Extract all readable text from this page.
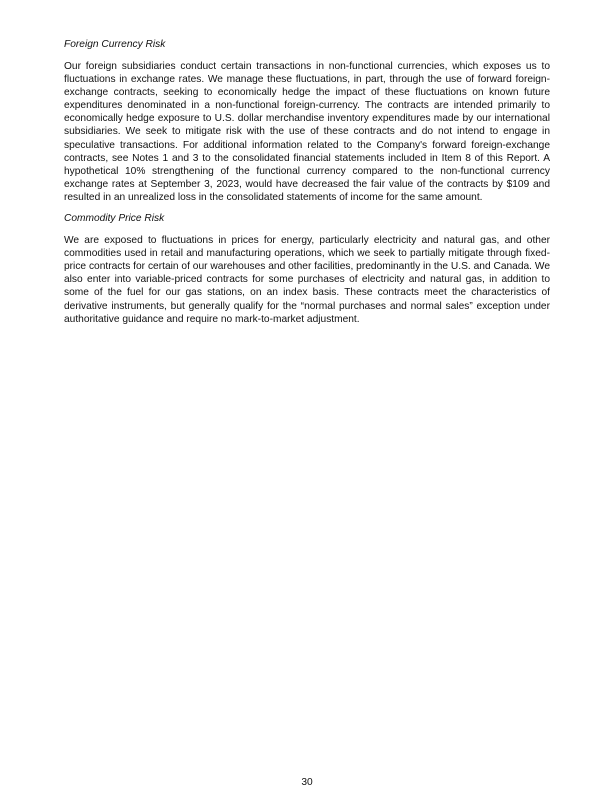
Foreign Currency Risk

Our foreign subsidiaries conduct certain transactions in non-functional currencies, which exposes us to fluctuations in exchange rates. We manage these fluctuations, in part, through the use of forward foreign-exchange contracts, seeking to economically hedge the impact of these fluctuations on known future expenditures denominated in a non-functional foreign-currency. The contracts are intended primarily to economically hedge exposure to U.S. dollar merchandise inventory expenditures made by our international subsidiaries. We seek to mitigate risk with the use of these contracts and do not intend to engage in speculative transactions. For additional information related to the Company's forward foreign-exchange contracts, see Notes 1 and 3 to the consolidated financial statements included in Item 8 of this Report. A hypothetical 10% strengthening of the functional currency compared to the non-functional currency exchange rates at September 3, 2023, would have decreased the fair value of the contracts by $109 and resulted in an unrealized loss in the consolidated statements of income for the same amount.

Commodity Price Risk

We are exposed to fluctuations in prices for energy, particularly electricity and natural gas, and other commodities used in retail and manufacturing operations, which we seek to partially mitigate through fixed-price contracts for certain of our warehouses and other facilities, predominantly in the U.S. and Canada. We also enter into variable-priced contracts for some purchases of electricity and natural gas, in addition to some of the fuel for our gas stations, on an index basis. These contracts meet the characteristics of derivative instruments, but generally qualify for the “normal purchases and normal sales” exception under authoritative guidance and require no mark-to-market adjustment.

30
